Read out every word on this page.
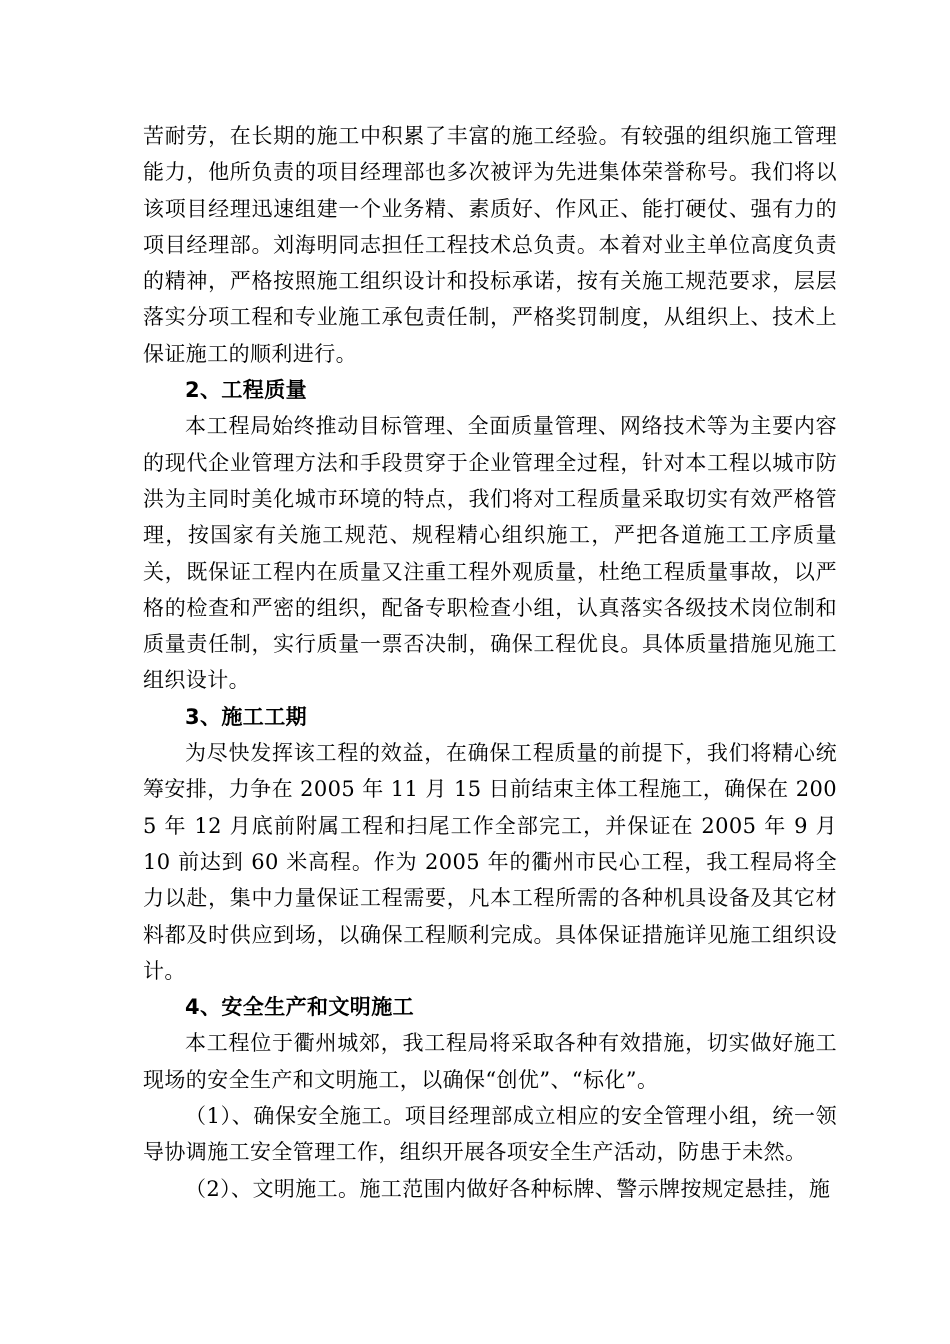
苦耐劳，在长期的施工中积累了丰富的施工经验。有较强的组织施工管理能力，他所负责的项目经理部也多次被评为先进集体荣誉称号。我们将以该项目经理迅速组建一个业务精、素质好、作风正、能打硬仗、强有力的项目经理部。刘海明同志担任工程技术总负责。本着对业主单位高度负责的精神，严格按照施工组织设计和投标承诺，按有关施工规范要求，层层落实分项工程和专业施工承包责任制，严格奖罚制度，从组织上、技术上保证施工的顺利进行。

2、工程质量

本工程局始终推动目标管理、全面质量管理、网络技术等为主要内容的现代企业管理方法和手段贯穿于企业管理全过程，针对本工程以城市防洪为主同时美化城市环境的特点，我们将对工程质量采取切实有效严格管理，按国家有关施工规范、规程精心组织施工，严把各道施工工序质量关，既保证工程内在质量又注重工程外观质量，杜绝工程质量事故，以严格的检查和严密的组织，配备专职检查小组，认真落实各级技术岗位制和质量责任制，实行质量一票否决制，确保工程优良。具体质量措施见施工组织设计。

3、施工工期

为尽快发挥该工程的效益，在确保工程质量的前提下，我们将精心统筹安排，力争在 2005 年 11 月 15 日前结束主体工程施工，确保在 2005 年 12 月底前附属工程和扫尾工作全部完工，并保证在 2005 年 9 月 10 前达到 60 米高程。作为 2005 年的衢州市民心工程，我工程局将全力以赴，集中力量保证工程需要，凡本工程所需的各种机具设备及其它材料都及时供应到场，以确保工程顺利完成。具体保证措施详见施工组织设计。

4、安全生产和文明施工

本工程位于衢州城郊，我工程局将采取各种有效措施，切实做好施工现场的安全生产和文明施工，以确保“创优”、“标化”。

（1）、确保安全施工。项目经理部成立相应的安全管理小组，统一领导协调施工安全管理工作，组织开展各项安全生产活动，防患于未然。

（2）、文明施工。施工范围内做好各种标牌、警示牌按规定悬挂，施
